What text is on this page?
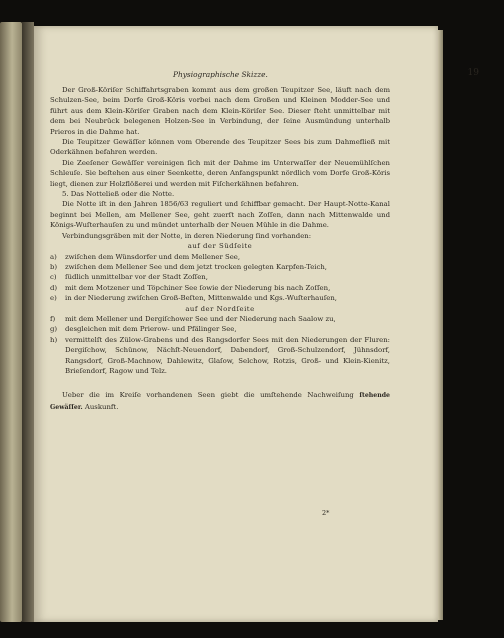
Physiographische Skizze.	19

Der Groß-Köriſer Schiffahrtsgraben kommt aus dem großen Teupitzer See, läuft nach dem Schulzen-See, beim Dorfe Groß-Köris vorbei nach dem Großen und Kleinen Modder-See und führt aus dem Klein-Köriſer Graben nach dem Klein-Köriſer See. Dieser ſteht unmittelbar mit dem bei Neubrück belegenen Holzen-See in Verbindung, der ſeine Ausmündung unterhalb Prieros in die Dahme hat.

Die Teupitzer Gewäſſer können vom Oberende des Teupitzer Sees bis zum Dahmefließ mit Oderkähnen befahren werden.

Die Zeeſener Gewäſſer vereinigen ſich mit der Dahme im Unterwaſſer der Neuemühlſchen Schleuſe. Sie beſtehen aus einer Seenkette, deren Anfangspunkt nördlich vom Dorfe Groß-Köris liegt, dienen zur Holzflößerei und werden mit Fiſcherkähnen befahren.

5. Das Notteließ oder die Notte.

Die Notte iſt in den Jahren 1856/63 reguliert und ſchiffbar gemacht. Der Haupt-Notte-Kanal beginnt bei Mellen, am Mellener See, geht zuerſt nach Zoſſen, dann nach Mittenwalde und Königs-Wuſterhauſen zu und mündet unterhalb der Neuen Mühle in die Dahme.

Verbindungsgräben mit der Notte, in deren Niederung ſind vorhanden:

auf der Südſeite

a)	zwiſchen dem Wünsdorfer und dem Mellener See,
b)	zwiſchen dem Mellener See und dem jetzt trocken gelegten Karpfen-Teich,
c)	ſüdlich unmittelbar vor der Stadt Zoſſen,
d)	mit dem Motzener und Töpchiner See ſowie der Niederung bis nach Zoſſen,
e)	in der Niederung zwiſchen Groß-Beſten, Mittenwalde und Kgs.-Wuſterhauſen,

auf der Nordſeite

f)	mit dem Mellener und Dergiſchower See und der Niederung nach Saalow zu,
g)	desgleichen mit dem Prierow- und Pfälinger See,
h)	vermittelſt des Zülow-Grabens und des Rangsdorfer Sees mit den Niederungen der Fluren: Dergiſchow, Schünow, Nächſt-Neuendorf, Dabendorf, Groß-Schulzendorf, Jühnsdorf, Rangsdorf, Groß-Machnow, Dahlewitz, Glaſow, Selchow, Rotzis, Groß- und Klein-Kienitz, Brieſendorf, Ragow und Telz.

Ueber die im Kreiſe vorhandenen Seen giebt die umſtehende Nachweiſung ſtehende Gewäſſer. Auskunft.

2*
